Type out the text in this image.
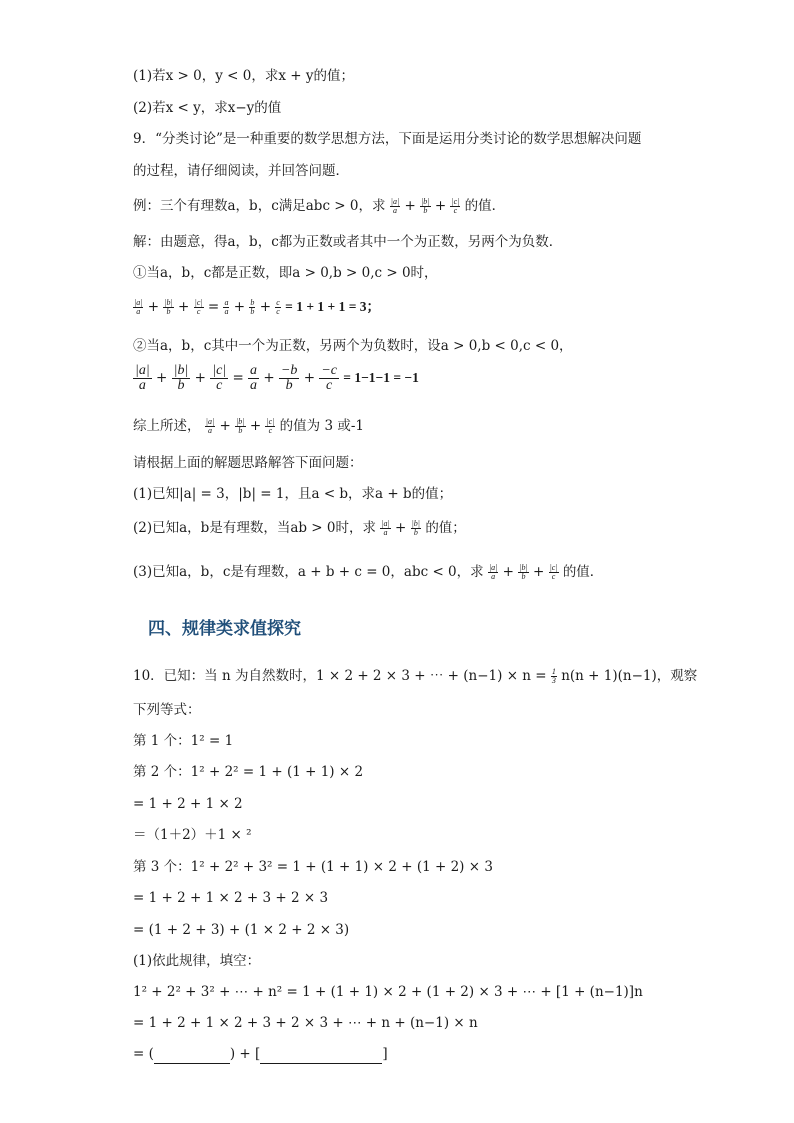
(1)若x > 0，y < 0，求x + y的值；
(2)若x < y，求x−y的值
9．“分类讨论”是一种重要的数学思想方法，下面是运用分类讨论的数学思想解决问题
的过程，请仔细阅读，并回答问题．
例：三个有理数a，b，c满足abc > 0，求 $\frac{|a|}{a} + \frac{|b|}{b} + \frac{|c|}{c}$ 的值．
解：由题意，得a，b，c都为正数或者其中一个为正数，另两个为负数．
①当a，b，c都是正数，即a > 0,b > 0,c > 0时，
$\frac{|a|}{a} + \frac{|b|}{b} + \frac{|c|}{c} = \frac{a}{a} + \frac{b}{b} + \frac{c}{c} = 1 + 1 + 1 = 3$；
②当a，b，c其中一个为正数，另两个为负数时，设a > 0,b < 0,c < 0，
$\frac{|a|}{a} + \frac{|b|}{b} + \frac{|c|}{c} = \frac{a}{a} + \frac{-b}{b} + \frac{-c}{c} = 1-1-1 = -1$
综上所述， $\frac{|a|}{a} + \frac{|b|}{b} + \frac{|c|}{c}$ 的值为 3 或-1
请根据上面的解题思路解答下面问题：
(1)已知|a| = 3，|b| = 1，且a < b，求a + b的值；
(2)已知a，b是有理数，当ab > 0时，求 $\frac{|a|}{a} + \frac{|b|}{b}$ 的值；
(3)已知a，b，c是有理数，a + b + c = 0，abc < 0，求 $\frac{|a|}{a} + \frac{|b|}{b} + \frac{|c|}{c}$ 的值．
四、规律类求值探究
10．已知：当 n 为自然数时，1 × 2 + 2 × 3 + ⋯ + $(n-1) \times n = \frac{1}{3} n(n + 1)(n-1)$，观察
下列等式：
第 1 个：1² = 1
第 2 个：1² + 2² = 1 + (1 + 1) × 2
= 1 + 2 + 1 × 2
＝（1＋2）＋1 × ²
第 3 个：1² + 2² + 3² = 1 + (1 + 1) × 2 + (1 + 2) × 3
= 1 + 2 + 1 × 2 + 3 + 2 × 3
= (1 + 2 + 3) + (1 × 2 + 2 × 3)
(1)依此规律，填空：
1² + 2² + 3² + ⋯ + n² = 1 + (1 + 1) × 2 + (1 + 2) × 3 + ⋯ + [1 + (n−1)]n
= 1 + 2 + 1 × 2 + 3 + 2 × 3 + ⋯ + n + (n−1) × n
= (	) + [	]
